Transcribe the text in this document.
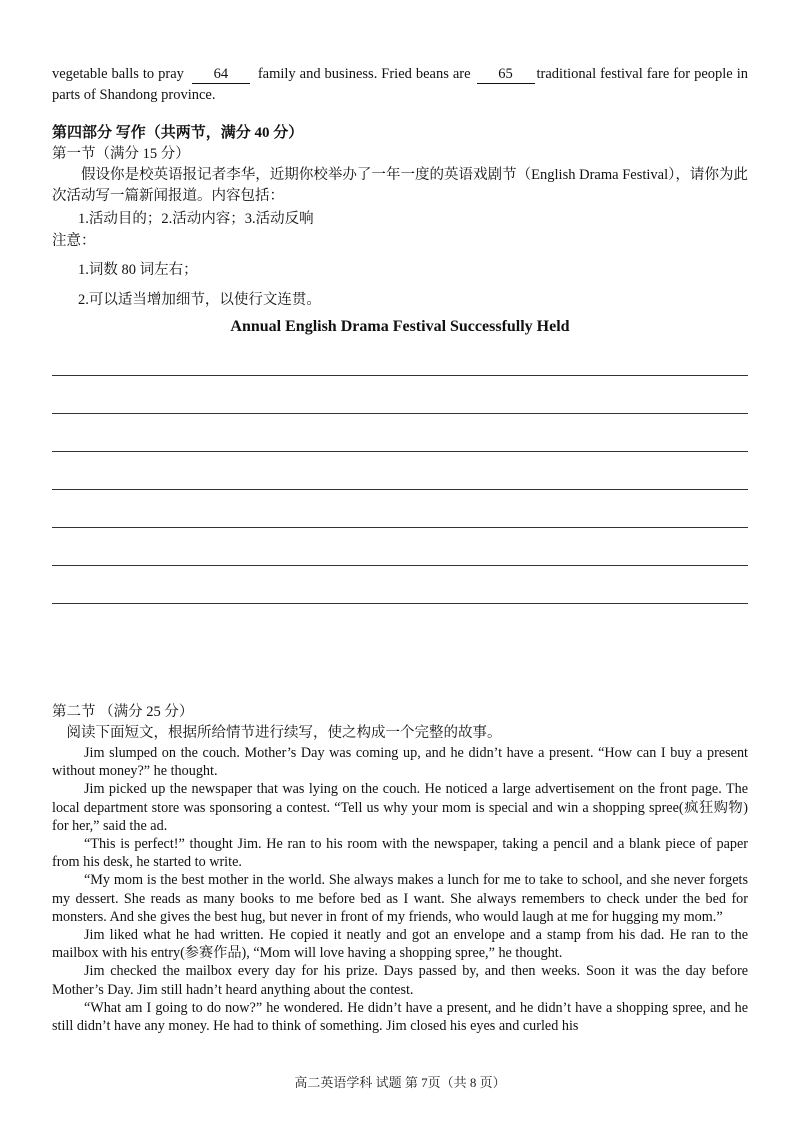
vegetable balls to pray 64 family and business. Fried beans are 65 traditional festival fare for people in parts of Shandong province.

第四部分 写作（共两节，满分 40 分）

第一节（满分 15 分）

假设你是校英语报记者李华，近期你校举办了一年一度的英语戏剧节（English Drama Festival），请你为此次活动写一篇新闻报道。内容包括：

1.活动目的；2.活动内容；3.活动反响

注意：

1.词数 80 词左右；

2.可以适当增加细节，以使行文连贯。

Annual English Drama Festival Successfully Held

第二节 （满分 25 分）

阅读下面短文，根据所给情节进行续写，使之构成一个完整的故事。

Jim slumped on the couch. Mother’s Day was coming up, and he didn’t have a present. “How can I buy a present without money?” he thought.

Jim picked up the newspaper that was lying on the couch. He noticed a large advertisement on the front page. The local department store was sponsoring a contest. “Tell us why your mom is special and win a shopping spree(疯狂购物) for her,” said the ad.

“This is perfect!” thought Jim. He ran to his room with the newspaper, taking a pencil and a blank piece of paper from his desk, he started to write.

“My mom is the best mother in the world. She always makes a lunch for me to take to school, and she never forgets my dessert. She reads as many books to me before bed as I want. She always remembers to check under the bed for monsters. And she gives the best hug, but never in front of my friends, who would laugh at me for hugging my mom.”

Jim liked what he had written. He copied it neatly and got an envelope and a stamp from his dad. He ran to the mailbox with his entry(参赛作品), “Mom will love having a shopping spree,” he thought.

Jim checked the mailbox every day for his prize. Days passed by, and then weeks. Soon it was the day before Mother’s Day. Jim still hadn’t heard anything about the contest.

“What am I going to do now?” he wondered. He didn’t have a present, and he didn’t have a shopping spree, and he still didn’t have any money. He had to think of something. Jim closed his eyes and curled his

高二英语学科 试题 第 7页（共 8 页）
